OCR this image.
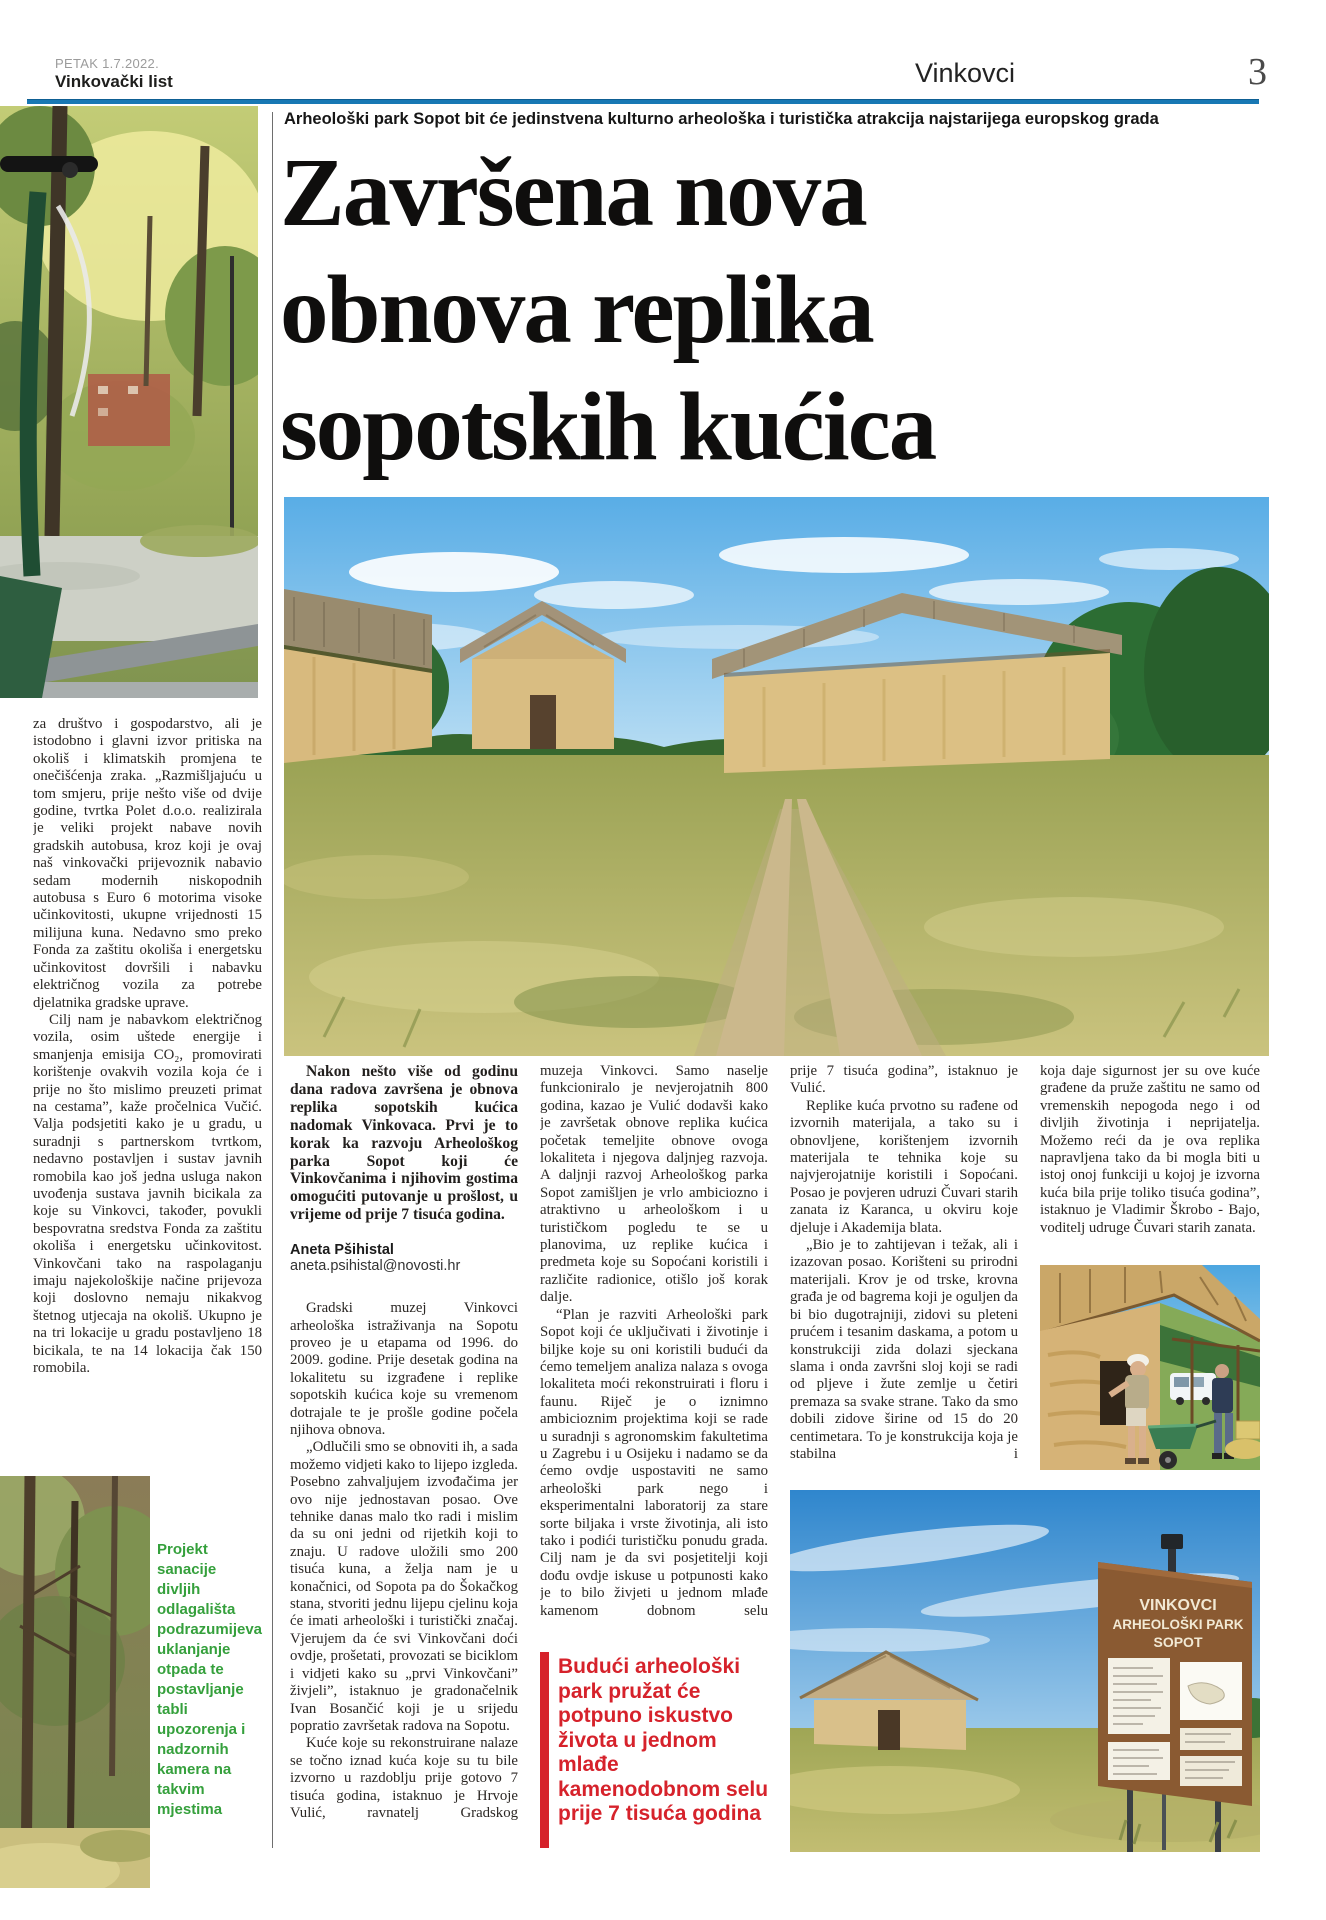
PETAK 1.7.2022.
Vinkovački list	Vinkovci	3

za društvo i gospodarstvo, ali je istodobno i glavni izvor pritiska na okoliš i klimatskih promjena te onečišćenja zraka. „Razmišljajuću u tom smjeru, prije nešto više od dvije godine, tvrtka Polet d.o.o. realizirala je veliki projekt nabave novih gradskih autobusa, kroz koji je ovaj naš vinkovački prijevoznik nabavio sedam modernih niskopodnih autobusa s Euro 6 motorima visoke učinkovitosti, ukupne vrijednosti 15 milijuna kuna. Nedavno smo preko Fonda za zaštitu okoliša i energetsku učinkovitost dovršili i nabavku električnog vozila za potrebe djelatnika gradske uprave.

Cilj nam je nabavkom električnog vozila, osim uštede energije i smanjenja emisija CO₂, promovirati korištenje ovakvih vozila koja će i prije no što mislimo preuzeti primat na cestama”, kaže pročelnica Vučić. Valja podsjetiti kako je u gradu, u suradnji s partnerskom tvrtkom, nedavno postavljen i sustav javnih romobila kao još jedna usluga nakon uvođenja sustava javnih bicikala za koje su Vinkovci, također, povukli bespovratna sredstva Fonda za zaštitu okoliša i energetsku učinkovitost. Vinkovčani tako na raspolaganju imaju najekološkije načine prijevoza koji doslovno nemaju nikakvog štetnog utjecaja na okoliš. Ukupno je na tri lokacije u gradu postavljeno 18 bicikala, te na 14 lokacija čak 150 romobila.

Projekt sanacije divljih odlagališta podrazumijeva uklanjanje otpada te postavljanje tabli upozorenja i nadzornih kamera na takvim mjestima
Arheološki park Sopot bit će jedinstvena kulturno arheološka i turistička atrakcija najstarijega europskog grada
Završena nova
obnova replika
sopotskih kućica
Nakon nešto više od godinu dana radova završena je obnova replika sopotskih kućica nadomak Vinkovaca. Prvi je to korak ka razvoju Arheološkog parka Sopot koji će Vinkovčanima i njihovim gostima omogućiti putovanje u prošlost, u vrijeme od prije 7 tisuća godina.
Aneta Pšihistal
aneta.psihistal@novosti.hr

Gradski muzej Vinkovci arheološka istraživanja na Sopotu proveo je u etapama od 1996. do 2009. godine. Prije desetak godina na lokalitetu su izgrađene i replike sopotskih kućica koje su vremenom dotrajale te je prošle godine počela njihova obnova.

„Odlučili smo se obnoviti ih, a sada možemo vidjeti kako to lijepo izgleda. Posebno zahvaljujem izvođačima jer ovo nije jednostavan posao. Ove tehnike danas malo tko radi i mislim da su oni jedni od rijetkih koji to znaju. U radove uložili smo 200 tisuća kuna, a želja nam je u konačnici, od Sopota pa do Šokačkog stana, stvoriti jednu lijepu cjelinu koja će imati arheološki i turistički značaj. Vjerujem da će svi Vinkovčani doći ovdje, prošetati, provozati se biciklom i vidjeti kako su „prvi Vinkovčani” živjeli”, istaknuo je gradonačelnik Ivan Bosančić koji je u srijedu popratio završetak radova na Sopotu.

Kuće koje su rekonstruirane nalaze se točno iznad kuća koje su tu bile izvorno u razdoblju prije gotovo 7 tisuća godina, istaknuo je Hrvoje Vulić, ravnatelj Gradskog

muzeja Vinkovci. Samo naselje funkcioniralo je nevjerojatnih 800 godina, kazao je Vulić dodavši kako je završetak obnove replika kućica početak temeljite obnove ovoga lokaliteta i njegova daljnjeg razvoja. A daljnji razvoj Arheološkog parka Sopot zamišljen je vrlo ambiciozno i atraktivno u arheološkom i u turističkom pogledu te se u planovima, uz replike kućica i predmeta koje su Sopoćani koristili i različite radionice, otišlo još korak dalje.

“Plan je razviti Arheološki park Sopot koji će uključivati i životinje i biljke koje su oni koristili budući da ćemo temeljem analiza nalaza s ovoga lokaliteta moći rekonstruirati i floru i faunu. Riječ je o iznimno ambicioznim projektima koji se rade u suradnji s agronomskim fakultetima u Zagrebu i u Osijeku i nadamo se da ćemo ovdje uspostaviti ne samo arheološki park nego i eksperimentalni laboratorij za stare sorte biljaka i vrste životinja, ali isto tako i podići turističku ponudu grada. Cilj nam je da svi posjetitelji koji dođu ovdje iskuse u potpunosti kako je to bilo živjeti u jednom mlađe kamenom dobnom selu

Budući arheološki park pružat će potpuno iskustvo života u jednom mlađe kamenodobnom selu prije 7 tisuća godina

prije 7 tisuća godina”, istaknuo je Vulić.

Replike kuća prvotno su rađene od izvornih materijala, a tako su i obnovljene, korištenjem izvornih materijala te tehnika koje su najvjerojatnije koristili i Sopoćani. Posao je povjeren udruzi Čuvari starih zanata iz Karanca, u okviru koje djeluje i Akademija blata.

„Bio je to zahtijevan i težak, ali i izazovan posao. Korišteni su prirodni materijali. Krov je od trske, krovna građa je od bagrema koji je oguljen da bi bio dugotrajniji, zidovi su pleteni prućem i tesanim daskama, a potom u konstrukciji zida dolazi sjeckana slama i onda završni sloj koji se radi od pljeve i žute zemlje u četiri premaza sa svake strane. Tako da smo dobili zidove širine od 15 do 20 centimetara. To je konstrukcija koja je stabilna i

koja daje sigurnost jer su ove kuće građene da pruže zaštitu ne samo od vremenskih nepogoda nego i od divljih životinja i neprijatelja. Možemo reći da je ova replika napravljena tako da bi mogla biti u istoj onoj funkciji u kojoj je izvorna kuća bila prije toliko tisuća godina”, istaknuo je Vladimir Škrobo - Bajo, voditelj udruge Čuvari starih zanata.

VINKOVCI
ARHEOLOŠKI PARK
SOPOT
